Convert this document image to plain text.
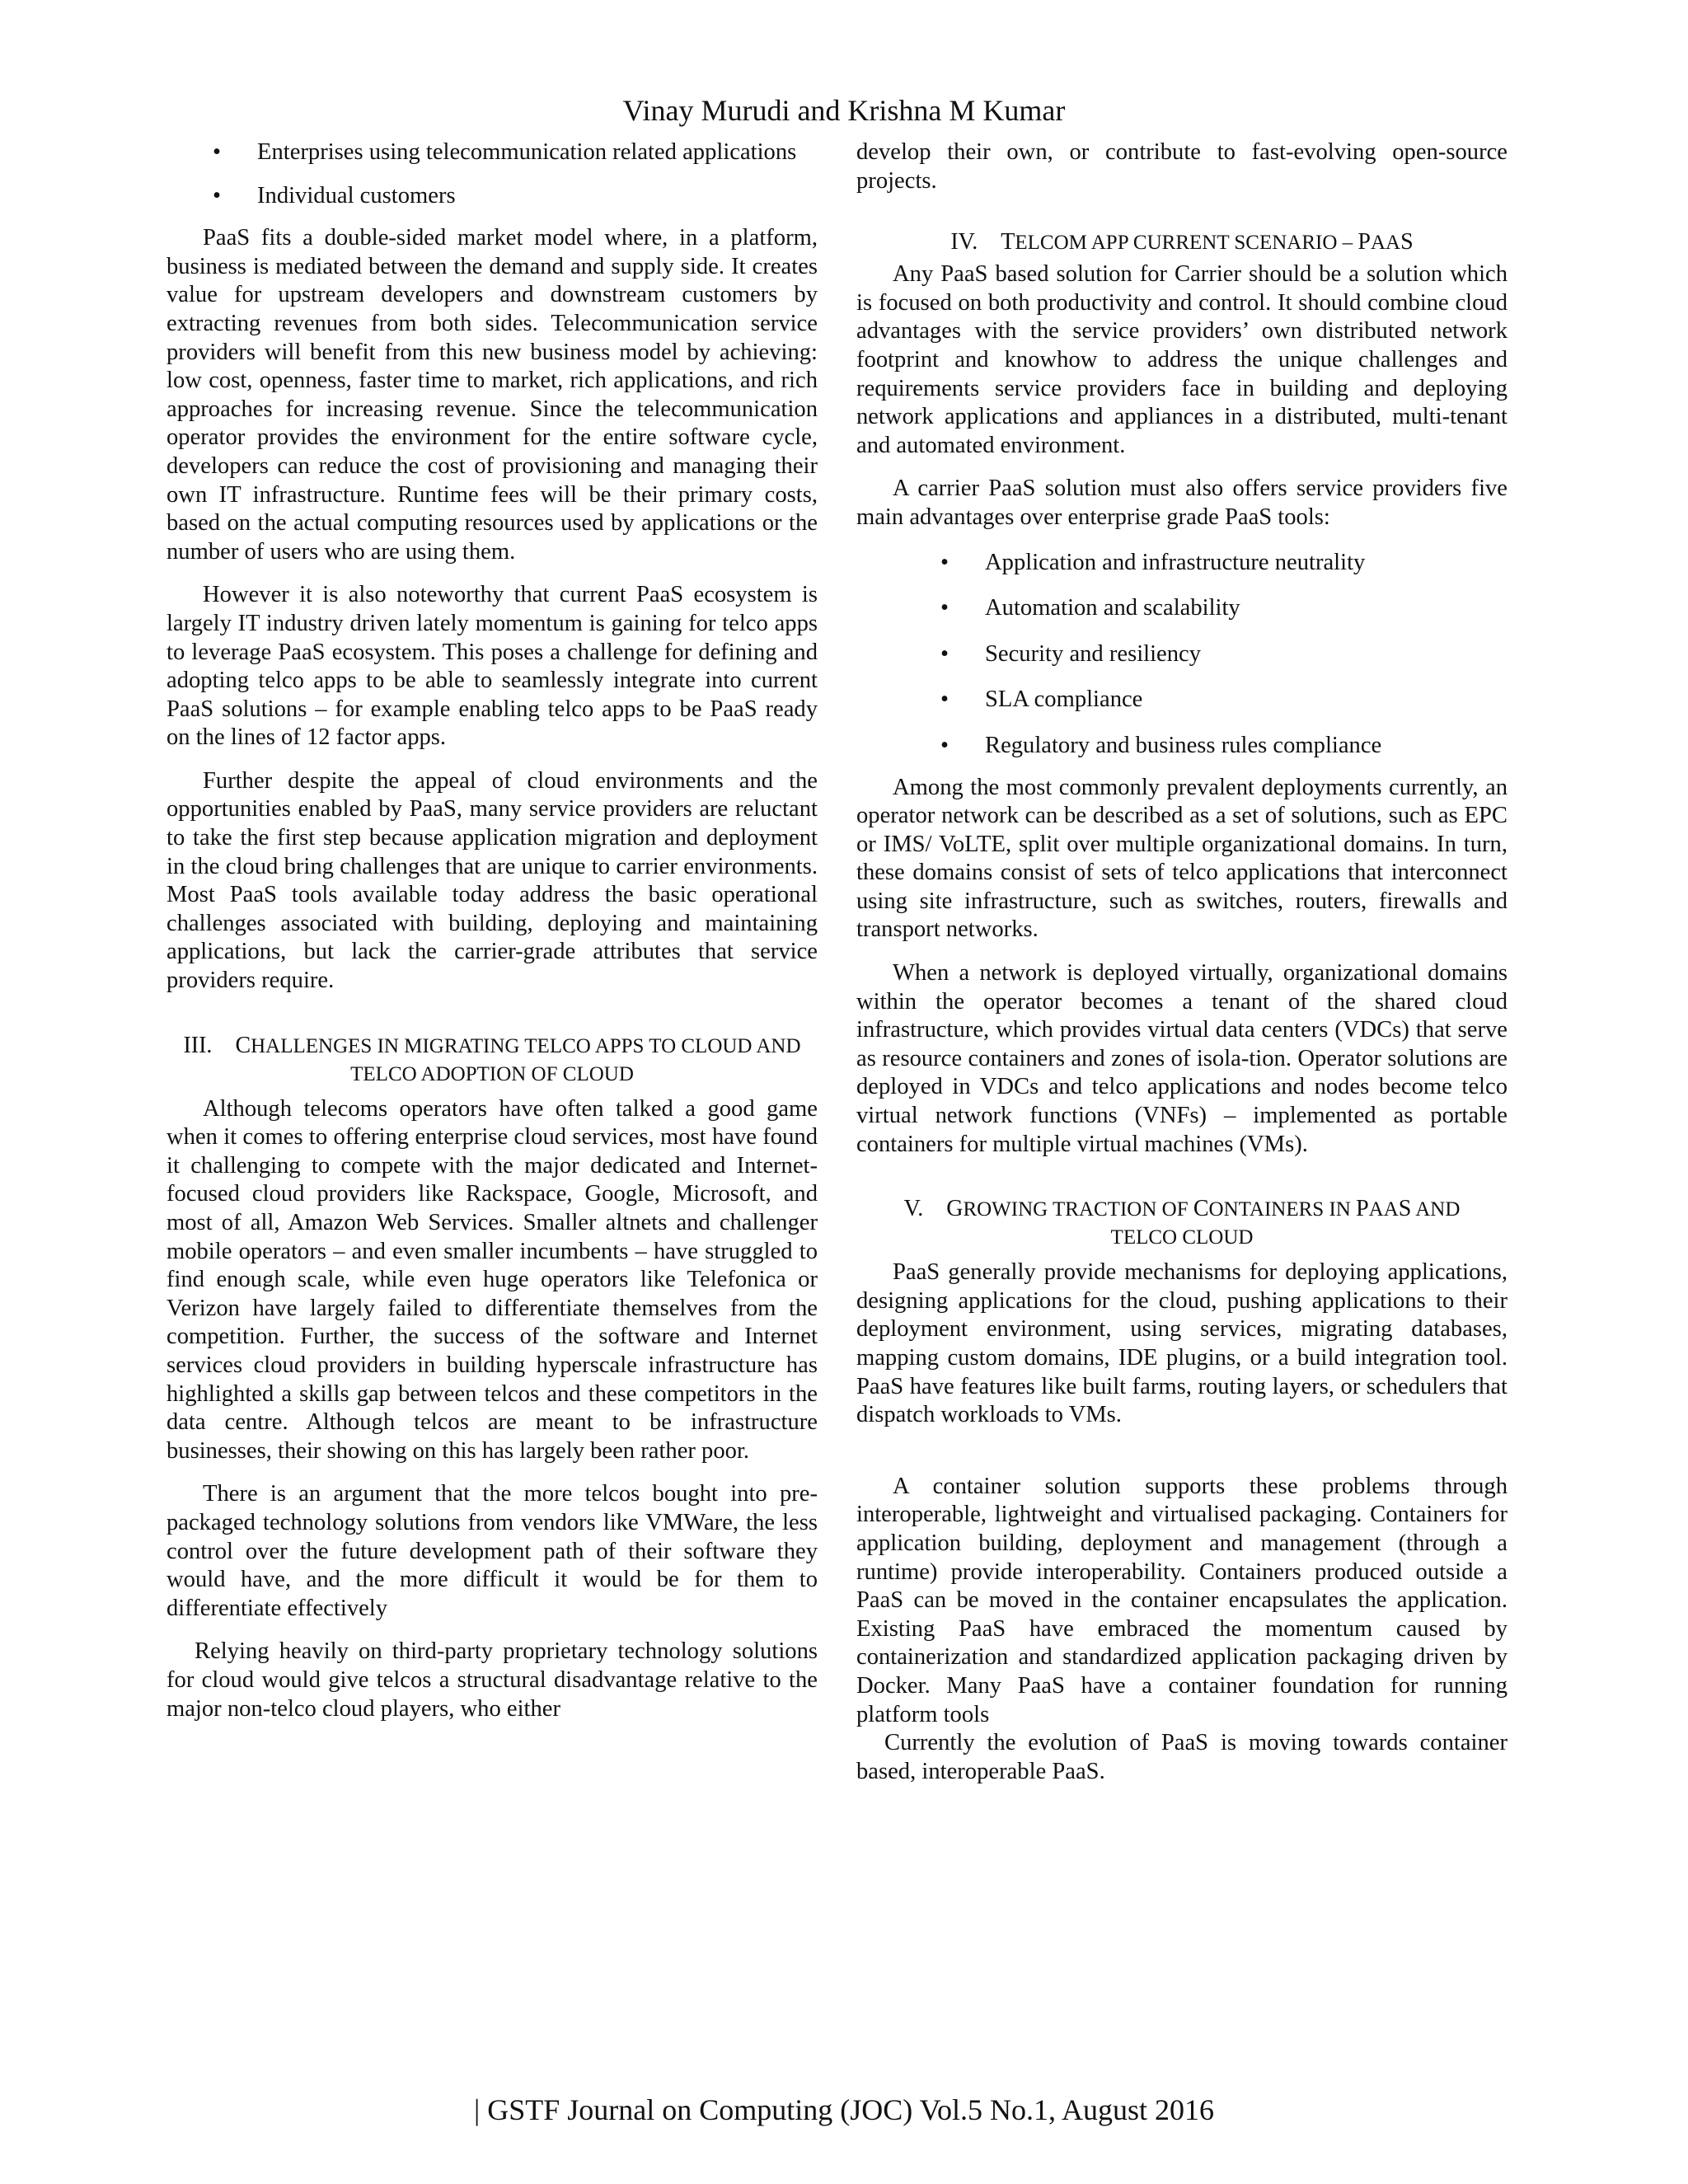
Vinay Murudi and Krishna M Kumar
• Enterprises using telecommunication related applications
• Individual customers

PaaS fits a double-sided market model where, in a platform, business is mediated between the demand and supply side. It creates value for upstream developers and downstream customers by extracting revenues from both sides. Telecommunication service providers will benefit from this new business model by achieving: low cost, openness, faster time to market, rich applications, and rich approaches for increasing revenue. Since the telecommunication operator provides the environment for the entire software cycle, developers can reduce the cost of provisioning and managing their own IT infrastructure. Runtime fees will be their primary costs, based on the actual computing resources used by applications or the number of users who are using them.

However it is also noteworthy that current PaaS ecosystem is largely IT industry driven lately momentum is gaining for telco apps to leverage PaaS ecosystem. This poses a challenge for defining and adopting telco apps to be able to seamlessly integrate into current PaaS solutions – for example enabling telco apps to be PaaS ready on the lines of 12 factor apps.

Further despite the appeal of cloud environments and the opportunities enabled by PaaS, many service providers are reluctant to take the first step because application migration and deployment in the cloud bring challenges that are unique to carrier environments. Most PaaS tools available today address the basic operational challenges associated with building, deploying and maintaining applications, but lack the carrier-grade attributes that service providers require.

III. CHALLENGES IN MIGRATING TELCO APPS TO CLOUD AND
TELCO ADOPTION OF CLOUD

Although telecoms operators have often talked a good game when it comes to offering enterprise cloud services, most have found it challenging to compete with the major dedicated and Internet-focused cloud providers like Rackspace, Google, Microsoft, and most of all, Amazon Web Services. Smaller altnets and challenger mobile operators – and even smaller incumbents – have struggled to find enough scale, while even huge operators like Telefonica or Verizon have largely failed to differentiate themselves from the competition. Further, the success of the software and Internet services cloud providers in building hyperscale infrastructure has highlighted a skills gap between telcos and these competitors in the data centre. Although telcos are meant to be infrastructure businesses, their showing on this has largely been rather poor.

There is an argument that the more telcos bought into pre-packaged technology solutions from vendors like VMWare, the less control over the future development path of their software they would have, and the more difficult it would be for them to differentiate effectively

Relying heavily on third-party proprietary technology solutions for cloud would give telcos a structural disadvantage relative to the major non-telco cloud players, who either

develop their own, or contribute to fast-evolving open-source projects.

IV. TELCOM APP CURRENT SCENARIO – PAAS

Any PaaS based solution for Carrier should be a solution which is focused on both productivity and control. It should combine cloud advantages with the service providers’ own distributed network footprint and knowhow to address the unique challenges and requirements service providers face in building and deploying network applications and appliances in a distributed, multi-tenant and automated environment.

A carrier PaaS solution must also offers service providers five main advantages over enterprise grade PaaS tools:

• Application and infrastructure neutrality
• Automation and scalability
• Security and resiliency
• SLA compliance
• Regulatory and business rules compliance

Among the most commonly prevalent deployments currently, an operator network can be described as a set of solutions, such as EPC or IMS/ VoLTE, split over multiple organizational domains. In turn, these domains consist of sets of telco applications that interconnect using site infrastructure, such as switches, routers, firewalls and transport networks.

When a network is deployed virtually, organizational domains within the operator becomes a tenant of the shared cloud infrastructure, which provides virtual data centers (VDCs) that serve as resource containers and zones of isola-tion. Operator solutions are deployed in VDCs and telco applications and nodes become telco virtual network functions (VNFs) – implemented as portable containers for multiple virtual machines (VMs).

V. GROWING TRACTION OF CONTAINERS IN PAAS AND
TELCO CLOUD

PaaS generally provide mechanisms for deploying applications, designing applications for the cloud, pushing applications to their deployment environment, using services, migrating databases, mapping custom domains, IDE plugins, or a build integration tool. PaaS have features like built farms, routing layers, or schedulers that dispatch workloads to VMs.

A container solution supports these problems through interoperable, lightweight and virtualised packaging. Containers for application building, deployment and management (through a runtime) provide interoperability. Containers produced outside a PaaS can be moved in the container encapsulates the application. Existing PaaS have embraced the momentum caused by containerization and standardized application packaging driven by Docker. Many PaaS have a container foundation for running platform tools

Currently the evolution of PaaS is moving towards container based, interoperable PaaS.

| GSTF Journal on Computing (JOC) Vol.5 No.1, August 2016
